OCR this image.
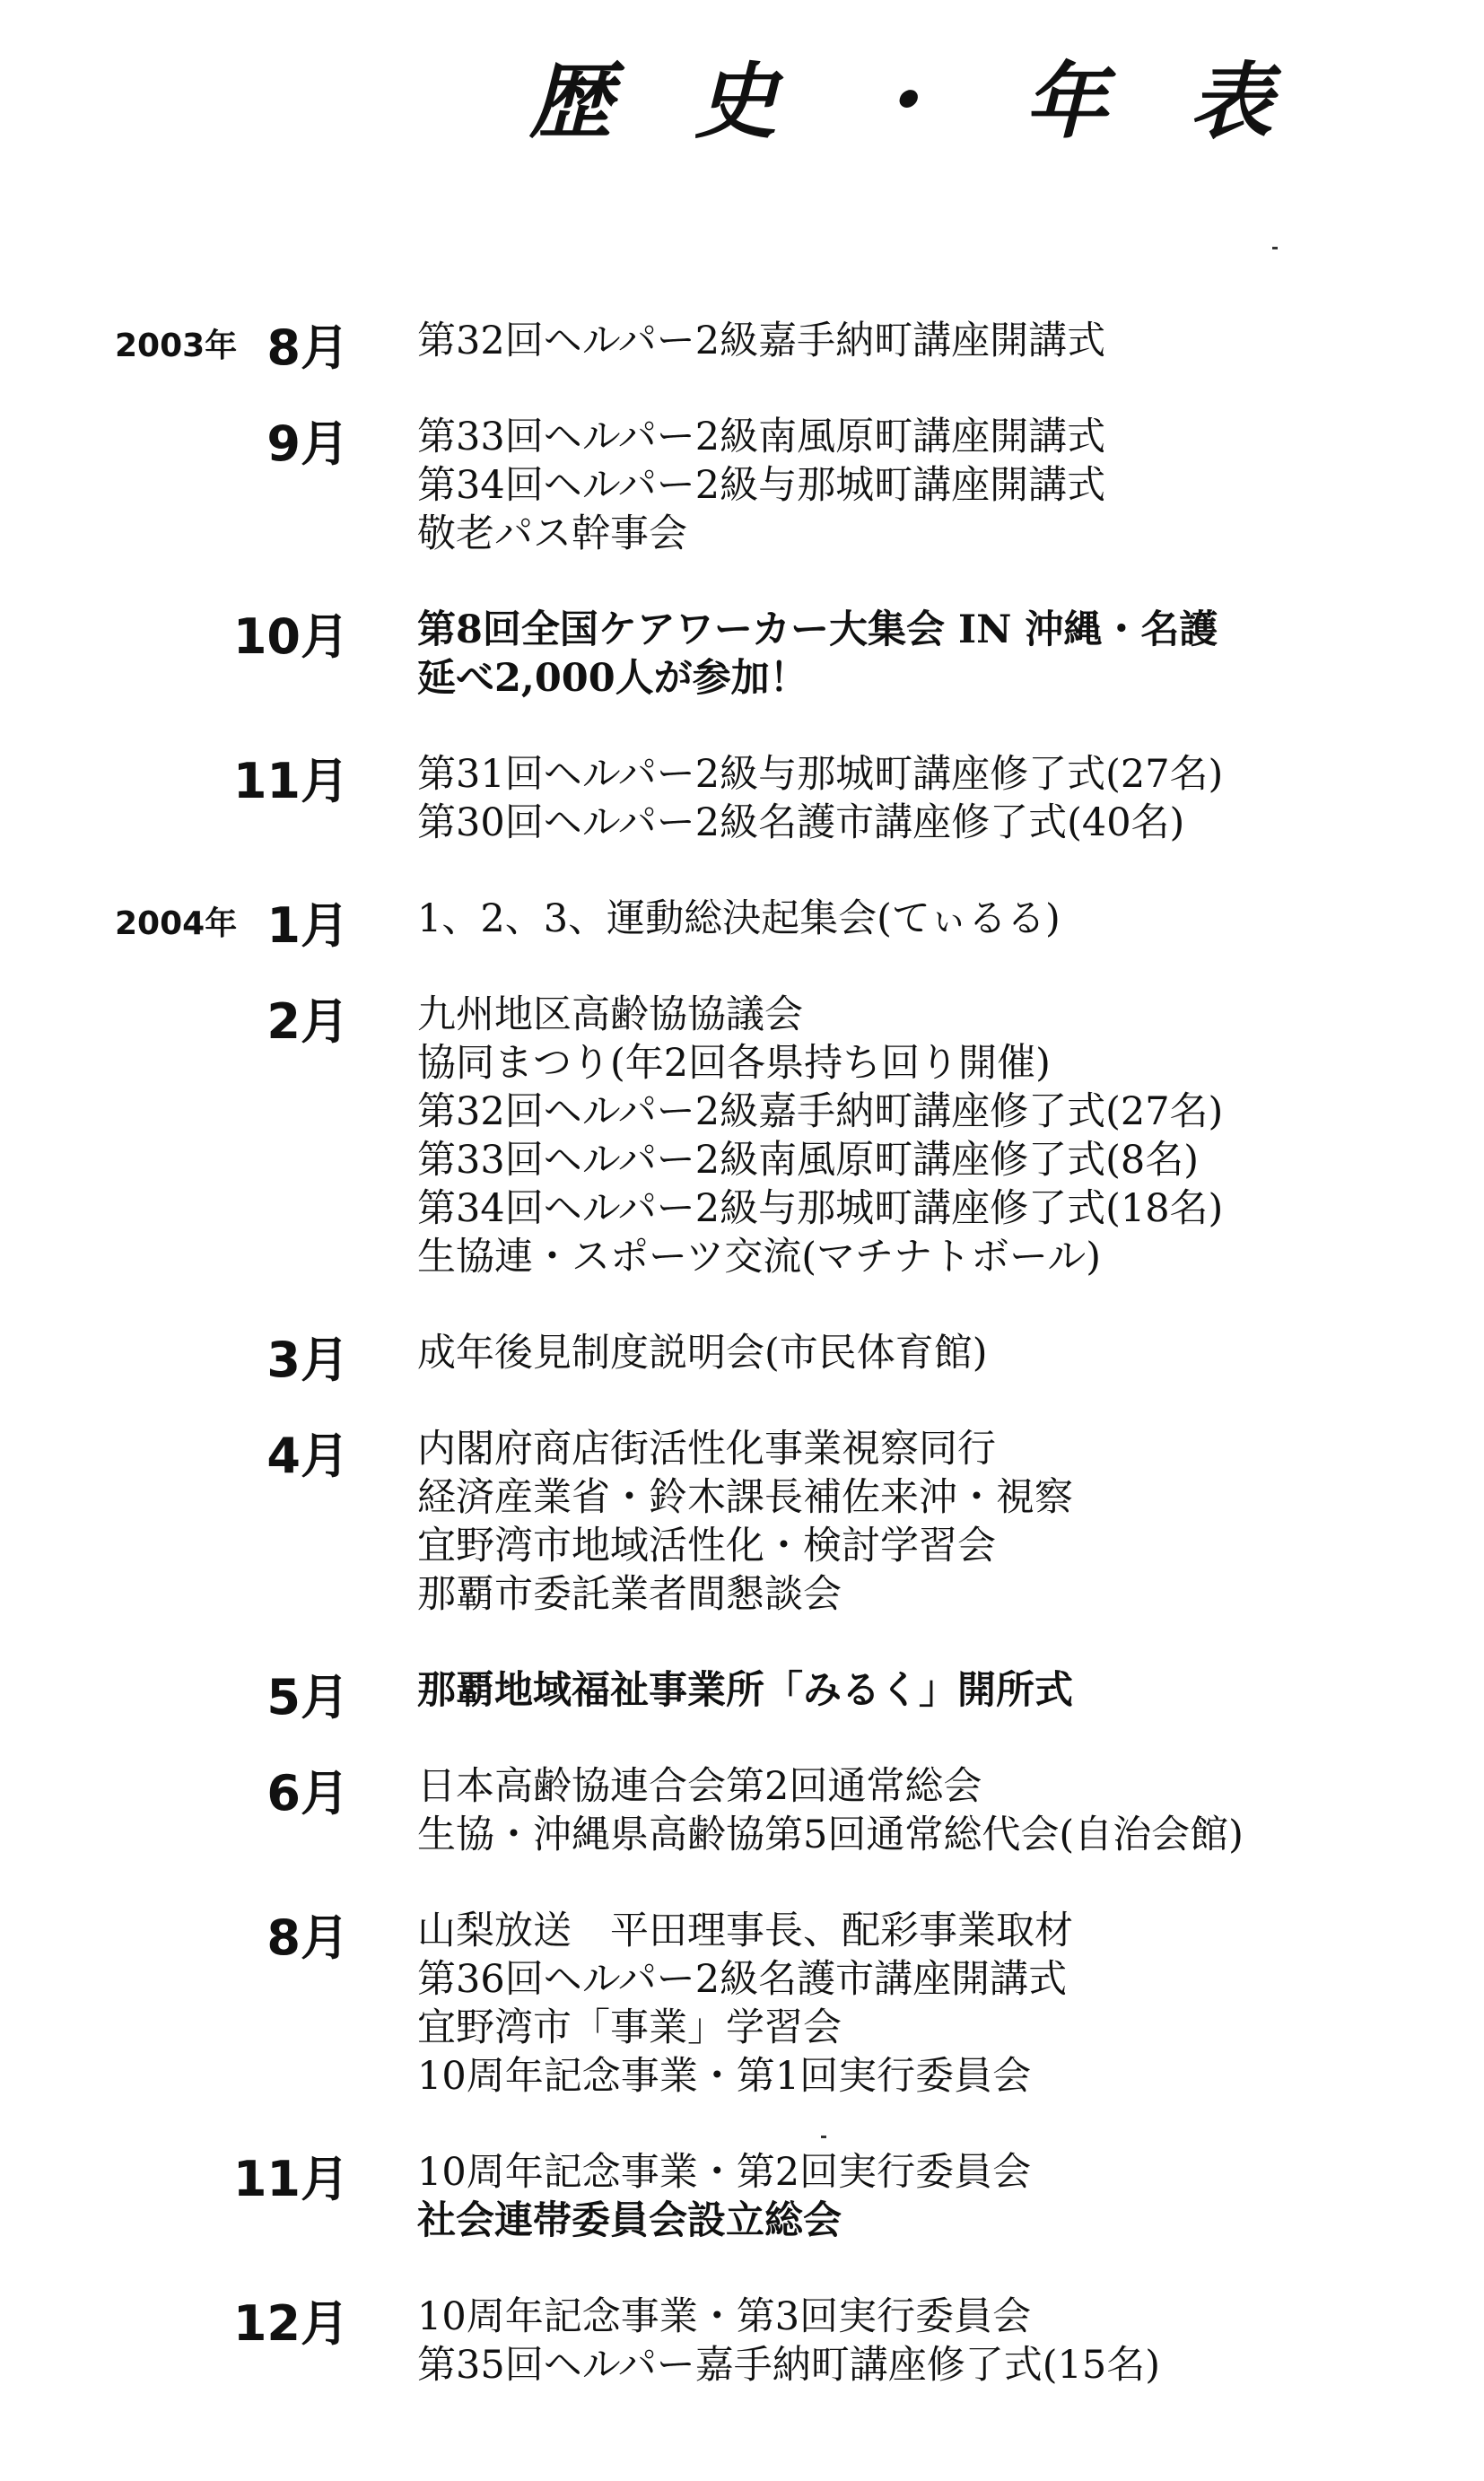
歴 史 ・ 年 表
2003年 8月 第32回ヘルパー2級嘉手納町講座開講式
9月 第33回ヘルパー2級南風原町講座開講式
第34回ヘルパー2級与那城町講座開講式
敬老パス幹事会
10月 第8回全国ケアワーカー大集会 IN 沖縄・名護
延べ2,000人が参加！
11月 第31回ヘルパー2級与那城町講座修了式(27名)
第30回ヘルパー2級名護市講座修了式(40名)
2004年 1月 1、2、3、運動総決起集会(てぃるる)
2月 九州地区高齢協協議会
協同まつり(年2回各県持ち回り開催)
第32回ヘルパー2級嘉手納町講座修了式(27名)
第33回ヘルパー2級南風原町講座修了式(8名)
第34回ヘルパー2級与那城町講座修了式(18名)
生協連・スポーツ交流(マチナトボール)
3月 成年後見制度説明会(市民体育館)
4月 内閣府商店街活性化事業視察同行
経済産業省・鈴木課長補佐来沖・視察
宜野湾市地域活性化・検討学習会
那覇市委託業者間懇談会
5月 那覇地域福祉事業所「みるく」開所式
6月 日本高齢協連合会第2回通常総会
生協・沖縄県高齢協第5回通常総代会(自治会館)
8月 山梨放送　平田理事長、配彩事業取材
第36回ヘルパー2級名護市講座開講式
宜野湾市「事業」学習会
10周年記念事業・第1回実行委員会
11月 10周年記念事業・第2回実行委員会
社会連帯委員会設立総会
12月 10周年記念事業・第3回実行委員会
第35回ヘルパー嘉手納町講座修了式(15名)
